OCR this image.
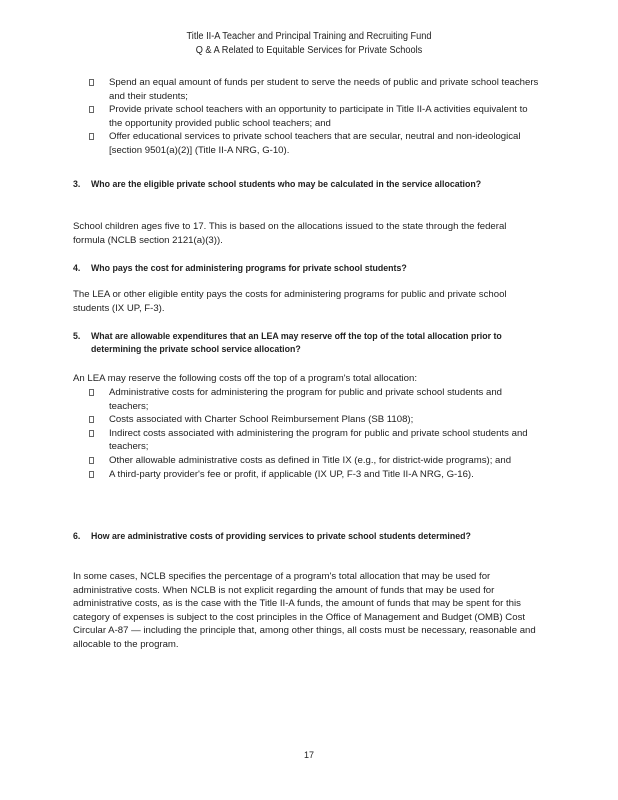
Title II-A Teacher and Principal Training and Recruiting Fund
Q & A Related to Equitable Services for Private Schools
Spend an equal amount of funds per student to serve the needs of public and private school teachers and their students;
Provide private school teachers with an opportunity to participate in Title II-A activities equivalent to the opportunity provided public school teachers; and
Offer educational services to private school teachers that are secular, neutral and non-ideological [section 9501(a)(2)] (Title II-A NRG, G-10).
3. Who are the eligible private school students who may be calculated in the service allocation?
School children ages five to 17. This is based on the allocations issued to the state through the federal formula (NCLB section 2121(a)(3)).
4. Who pays the cost for administering programs for private school students?
The LEA or other eligible entity pays the costs for administering programs for public and private school students (IX UP, F-3).
5. What are allowable expenditures that an LEA may reserve off the top of the total allocation prior to determining the private school service allocation?
An LEA may reserve the following costs off the top of a program's total allocation:
Administrative costs for administering the program for public and private school students and teachers;
Costs associated with Charter School Reimbursement Plans (SB 1108);
Indirect costs associated with administering the program for public and private school students and teachers;
Other allowable administrative costs as defined in Title IX (e.g., for district-wide programs); and
A third-party provider's fee or profit, if applicable (IX UP, F-3 and Title II-A NRG, G-16).
6. How are administrative costs of providing services to private school students determined?
In some cases, NCLB specifies the percentage of a program's total allocation that may be used for administrative costs. When NCLB is not explicit regarding the amount of funds that may be used for administrative costs, as is the case with the Title II-A funds, the amount of funds that may be spent for this category of expenses is subject to the cost principles in the Office of Management and Budget (OMB) Cost Circular A-87 — including the principle that, among other things, all costs must be necessary, reasonable and allocable to the program.
17
